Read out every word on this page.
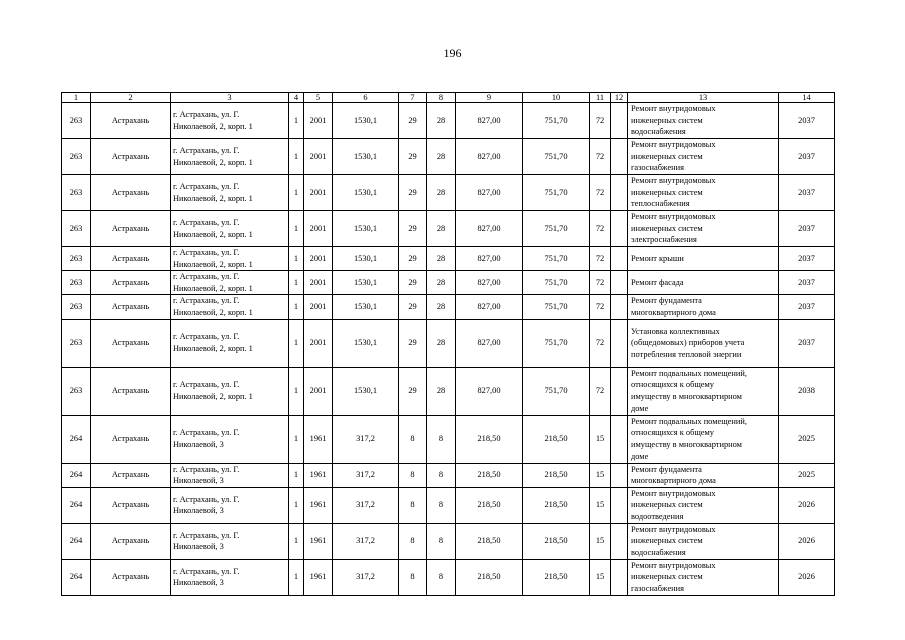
196
1	2	3	4	5	6	7	8	9	10	11	12	13	14
263	Астрахань	г. Астрахань, ул. Г.
Николаевой, 2, корп. 1	1	2001	1530,1	29	28	827,00	751,70	72		Ремонт внутридомовых
инженерных систем
водоснабжения	2037
263	Астрахань	г. Астрахань, ул. Г.
Николаевой, 2, корп. 1	1	2001	1530,1	29	28	827,00	751,70	72		Ремонт внутридомовых
инженерных систем
газоснабжения	2037
263	Астрахань	г. Астрахань, ул. Г.
Николаевой, 2, корп. 1	1	2001	1530,1	29	28	827,00	751,70	72		Ремонт внутридомовых
инженерных систем
теплоснабжения	2037
263	Астрахань	г. Астрахань, ул. Г.
Николаевой, 2, корп. 1	1	2001	1530,1	29	28	827,00	751,70	72		Ремонт внутридомовых
инженерных систем
электроснабжения	2037
263	Астрахань	г. Астрахань, ул. Г.
Николаевой, 2, корп. 1	1	2001	1530,1	29	28	827,00	751,70	72		Ремонт крыши	2037
263	Астрахань	г. Астрахань, ул. Г.
Николаевой, 2, корп. 1	1	2001	1530,1	29	28	827,00	751,70	72		Ремонт фасада	2037
263	Астрахань	г. Астрахань, ул. Г.
Николаевой, 2, корп. 1	1	2001	1530,1	29	28	827,00	751,70	72		Ремонт фундамента
многоквартирного дома	2037
263	Астрахань	г. Астрахань, ул. Г.
Николаевой, 2, корп. 1	1	2001	1530,1	29	28	827,00	751,70	72		Установка коллективных
(общедомовых) приборов учета
потребления тепловой энергии	2037
263	Астрахань	г. Астрахань, ул. Г.
Николаевой, 2, корп. 1	1	2001	1530,1	29	28	827,00	751,70	72		Ремонт подвальных помещений,
относящихся к общему
имуществу в многоквартирном
доме	2038
264	Астрахань	г. Астрахань, ул. Г.
Николаевой, 3	1	1961	317,2	8	8	218,50	218,50	15		Ремонт подвальных помещений,
относящихся к общему
имуществу в многоквартирном
доме	2025
264	Астрахань	г. Астрахань, ул. Г.
Николаевой, 3	1	1961	317,2	8	8	218,50	218,50	15		Ремонт фундамента
многоквартирного дома	2025
264	Астрахань	г. Астрахань, ул. Г.
Николаевой, 3	1	1961	317,2	8	8	218,50	218,50	15		Ремонт внутридомовых
инженерных систем
водоотведения	2026
264	Астрахань	г. Астрахань, ул. Г.
Николаевой, 3	1	1961	317,2	8	8	218,50	218,50	15		Ремонт внутридомовых
инженерных систем
водоснабжения	2026
264	Астрахань	г. Астрахань, ул. Г.
Николаевой, 3	1	1961	317,2	8	8	218,50	218,50	15		Ремонт внутридомовых
инженерных систем
газоснабжения	2026
